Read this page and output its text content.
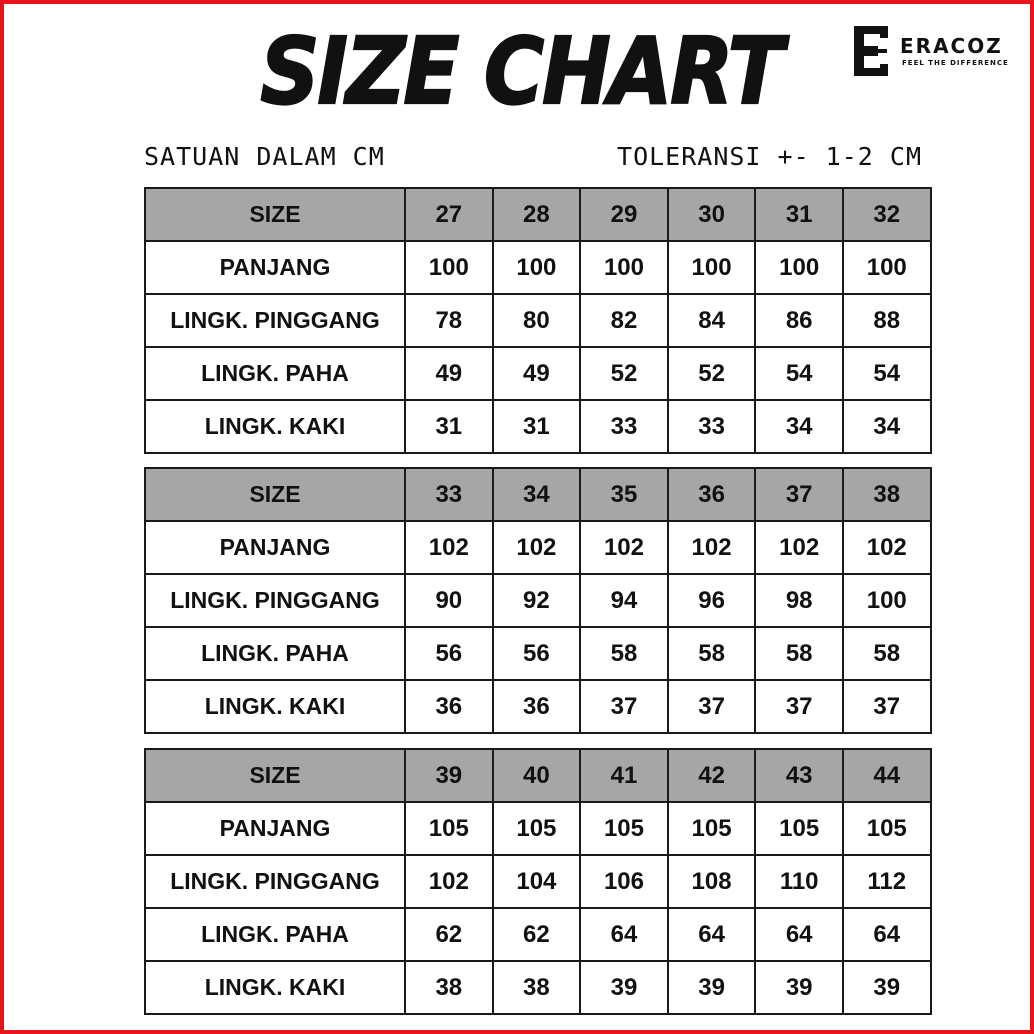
SIZE CHART	ERACOZ
FEEL THE DIFFERENCE
SATUAN DALAM CM	TOLERANSI +- 1-2 CM
SIZE	27	28	29	30	31	32
PANJANG	100	100	100	100	100	100
LINGK. PINGGANG	78	80	82	84	86	88
LINGK. PAHA	49	49	52	52	54	54
LINGK. KAKI	31	31	33	33	34	34
SIZE	33	34	35	36	37	38
PANJANG	102	102	102	102	102	102
LINGK. PINGGANG	90	92	94	96	98	100
LINGK. PAHA	56	56	58	58	58	58
LINGK. KAKI	36	36	37	37	37	37
SIZE	39	40	41	42	43	44
PANJANG	105	105	105	105	105	105
LINGK. PINGGANG	102	104	106	108	110	112
LINGK. PAHA	62	62	64	64	64	64
LINGK. KAKI	38	38	39	39	39	39
